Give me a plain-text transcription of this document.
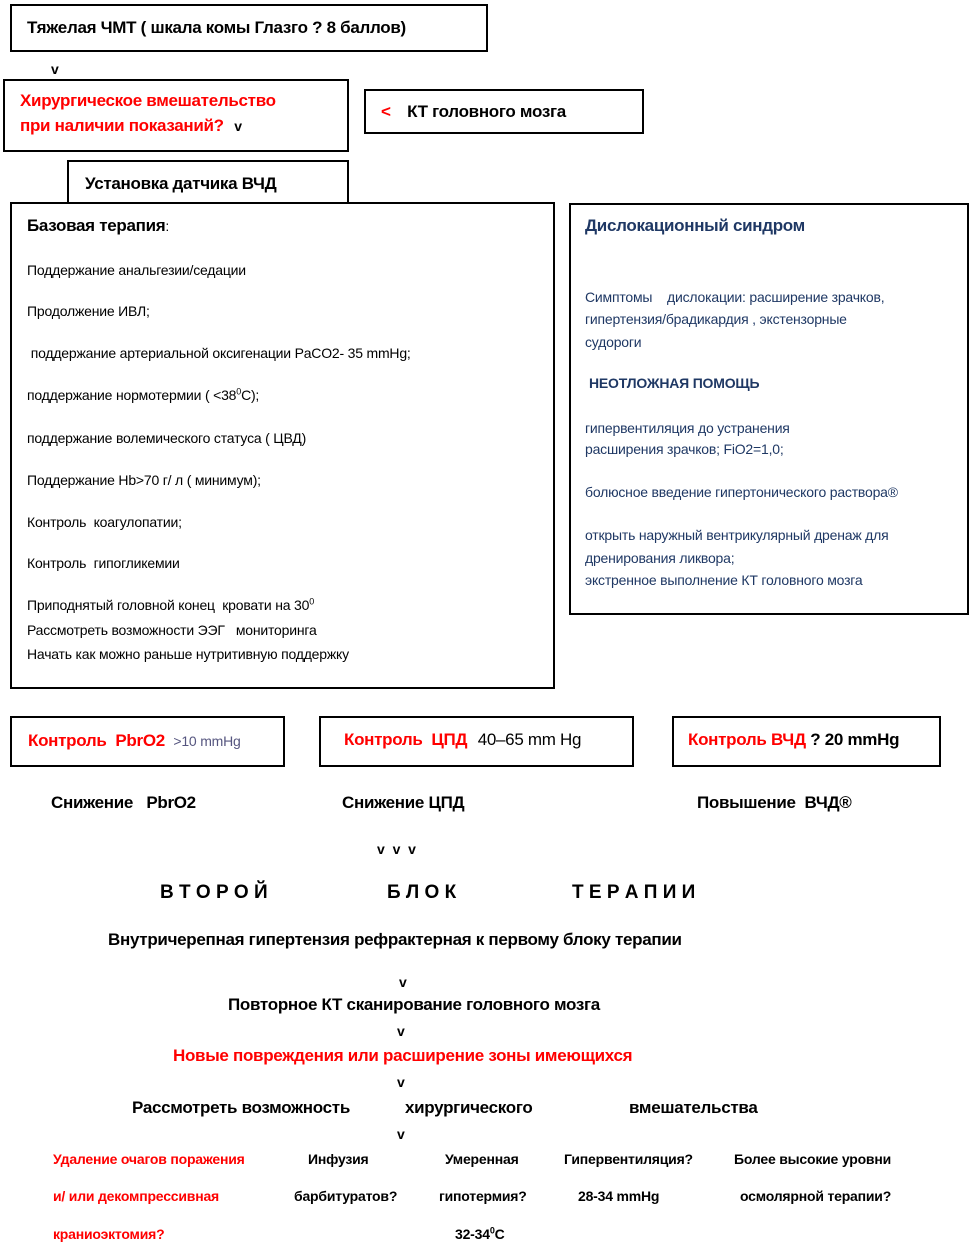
Тяжелая ЧМТ ( шкала комы Глазго ? 8 баллов)
v
Хирургическое вмешательство
при наличии показаний? v
< КТ головного мозга
Установка датчика ВЧД
Базовая терапия:
Поддержание анальгезии/седации
Продолжение ИВЛ;
поддержание артериальной оксигенации PaCO2- 35 mmHg;
поддержание нормотермии ( $<38^0С$);
поддержание волемического статуса ( ЦВД)
Поддержание Hb>70 г/ л ( минимум);
Контроль  коагулопатии;
Контроль  гипогликемии
Приподнятый головной конец  кровати на $30^0$
Рассмотреть возможности ЭЭГ   мониторинга
Начать как можно раньше нутритивную поддержку
Дислокационный синдром
Симптомы    дислокации: расширение зрачков,
гипертензия/брадикардия , экстензорные
судороги
НЕОТЛОЖНАЯ ПОМОЩЬ
гипервентиляция до устранения
расширения зрачков; FiO2=1,0;
болюсное введение гипертонического раствора®
открыть наружный вентрикулярный дренаж для
дренирования ликвора;
экстренное выполнение КТ головного мозга
Контроль  PbrO2 >10 mmHg	Контроль  ЦПД 40–65 mm Hg	Контроль ВЧД ? 20 mmHg
Снижение   PbrO2	Снижение ЦПД	Повышение  ВЧД®
v  v  v
В Т О Р О Й	Б Л О К	Т Е Р А П И И
Внутричерепная гипертензия рефрактерная к первому блоку терапии
v
Повторное КТ сканирование головного мозга
v
Новые повреждения или расширение зоны имеющихся
v
Рассмотреть возможность	хирургического	вмешательства
v
Удаление очагов поражения
и/ или декомпрессивная
краниоэктомия?
Инфузия
барбитуратов?
Умеренная
гипотермия?
$32-34^0С$
Гипервентиляция?
28-34 mmHg
Более высокие уровни
осмолярной терапии?
